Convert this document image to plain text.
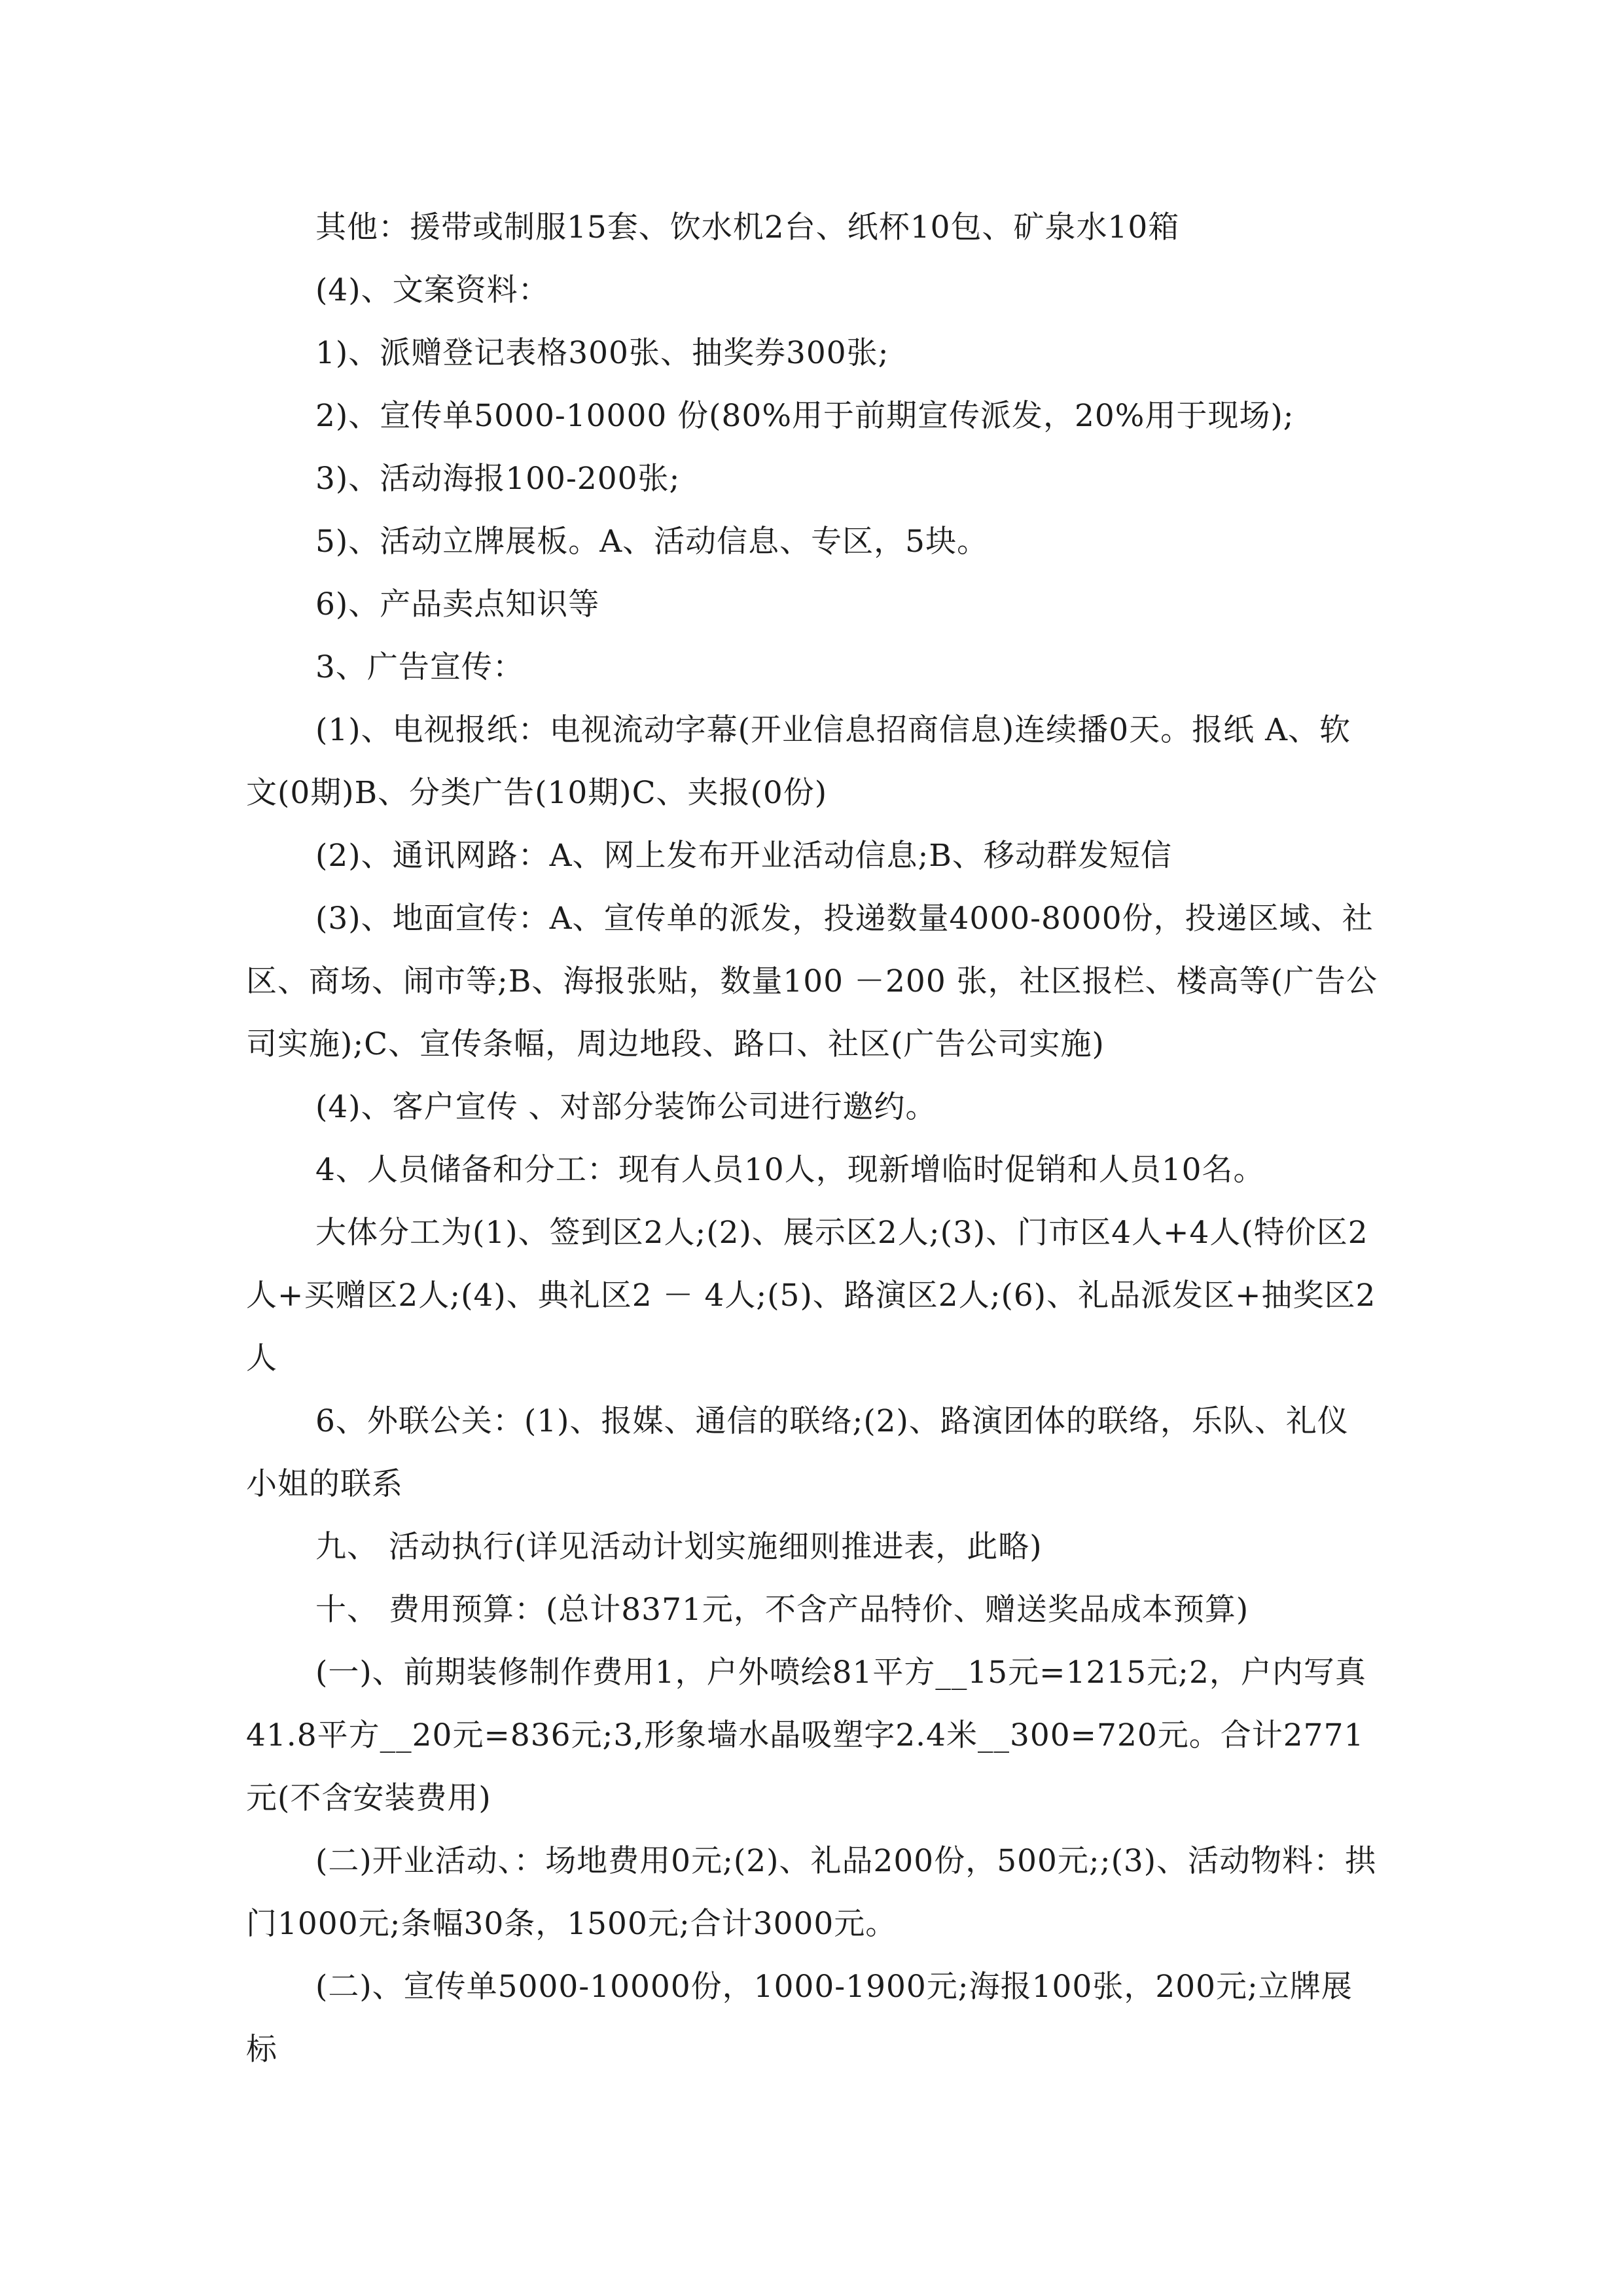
其他：援带或制服15套、饮水机2台、纸杯10包、矿泉水10箱

(4)、文案资料：

1)、派赠登记表格300张、抽奖券300张;

2)、宣传单5000-10000 份(80%用于前期宣传派发，20%用于现场);

3)、活动海报100-200张;

5)、活动立牌展板。A、活动信息、专区，5块。

6)、产品卖点知识等

3、广告宣传：

(1)、电视报纸：电视流动字幕(开业信息招商信息)连续播0天。报纸 A、软文(0期)B、分类广告(10期)C、夹报(0份)

(2)、通讯网路：A、网上发布开业活动信息;B、移动群发短信

(3)、地面宣传：A、宣传单的派发，投递数量4000-8000份，投递区域、社区、商场、闹市等;B、海报张贴，数量100 －200 张，社区报栏、楼高等(广告公司实施);C、宣传条幅，周边地段、路口、社区(广告公司实施)

(4)、客户宣传 、对部分装饰公司进行邀约。

4、人员储备和分工：现有人员10人，现新增临时促销和人员10名。

大体分工为(1)、签到区2人;(2)、展示区2人;(3)、门市区4人+4人(特价区2人+买赠区2人;(4)、典礼区2 － 4人;(5)、路演区2人;(6)、礼品派发区+抽奖区2人

6、外联公关：(1)、报媒、通信的联络;(2)、路演团体的联络，乐队、礼仪小姐的联系

九、 活动执行(详见活动计划实施细则推进表，此略)

十、 费用预算：(总计8371元，不含产品特价、赠送奖品成本预算)

(一)、前期装修制作费用1，户外喷绘81平方__15元=1215元;2，户内写真41.8平方__20元=836元;3,形象墙水晶吸塑字2.4米__300=720元。合计2771元(不含安装费用)

(二)开业活动、：场地费用0元;(2)、礼品200份，500元;;(3)、活动物料：拱门1000元;条幅30条，1500元;合计3000元。

(二)、宣传单5000-10000份，1000-1900元;海报100张，200元;立牌展标
